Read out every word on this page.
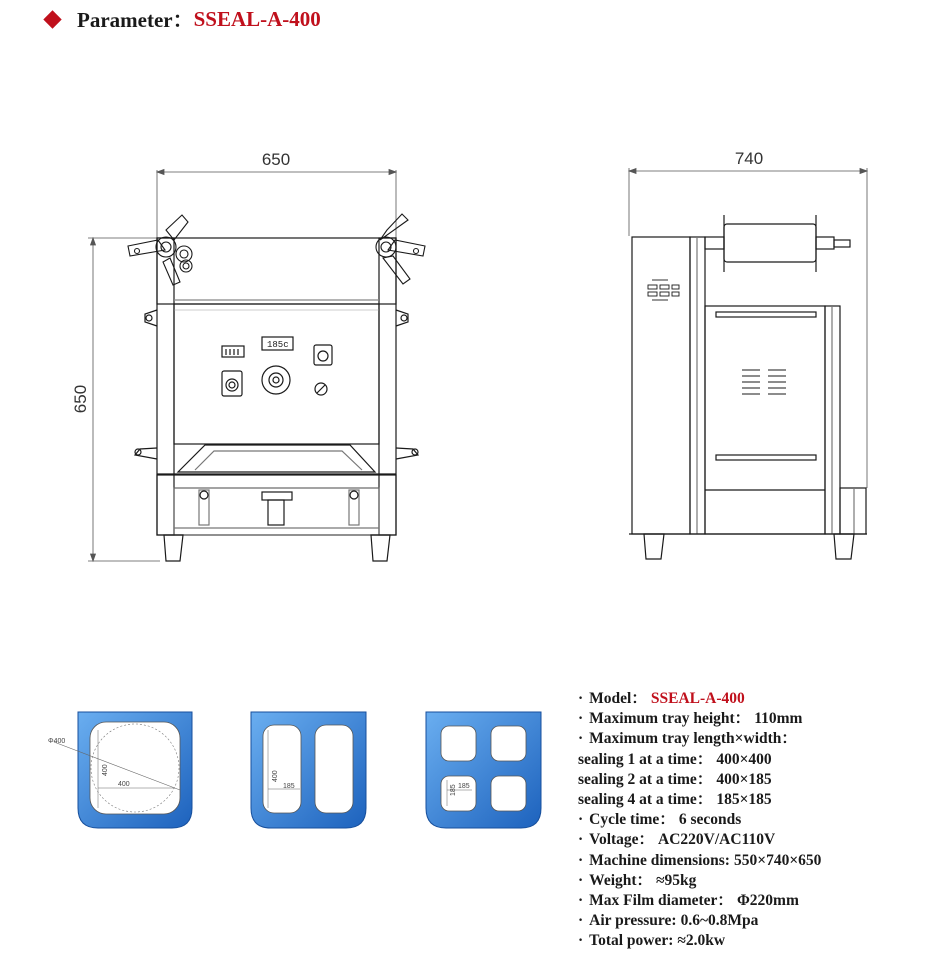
Parameter： SSEAL-A-400
650
650
185c
740
Φ400
400
400
400
185	185 185
· Model： SSEAL-A-400
· Maximum tray height： 110mm
· Maximum tray length×width：
sealing 1 at a time： 400×400
sealing 2 at a time： 400×185
sealing 4 at a time： 185×185
· Cycle time： 6 seconds
· Voltage： AC220V/AC110V
· Machine dimensions: 550×740×650
· Weight： ≈95kg
· Max Film diameter： Φ220mm
· Air pressure: 0.6~0.8Mpa
· Total power: ≈2.0kw
